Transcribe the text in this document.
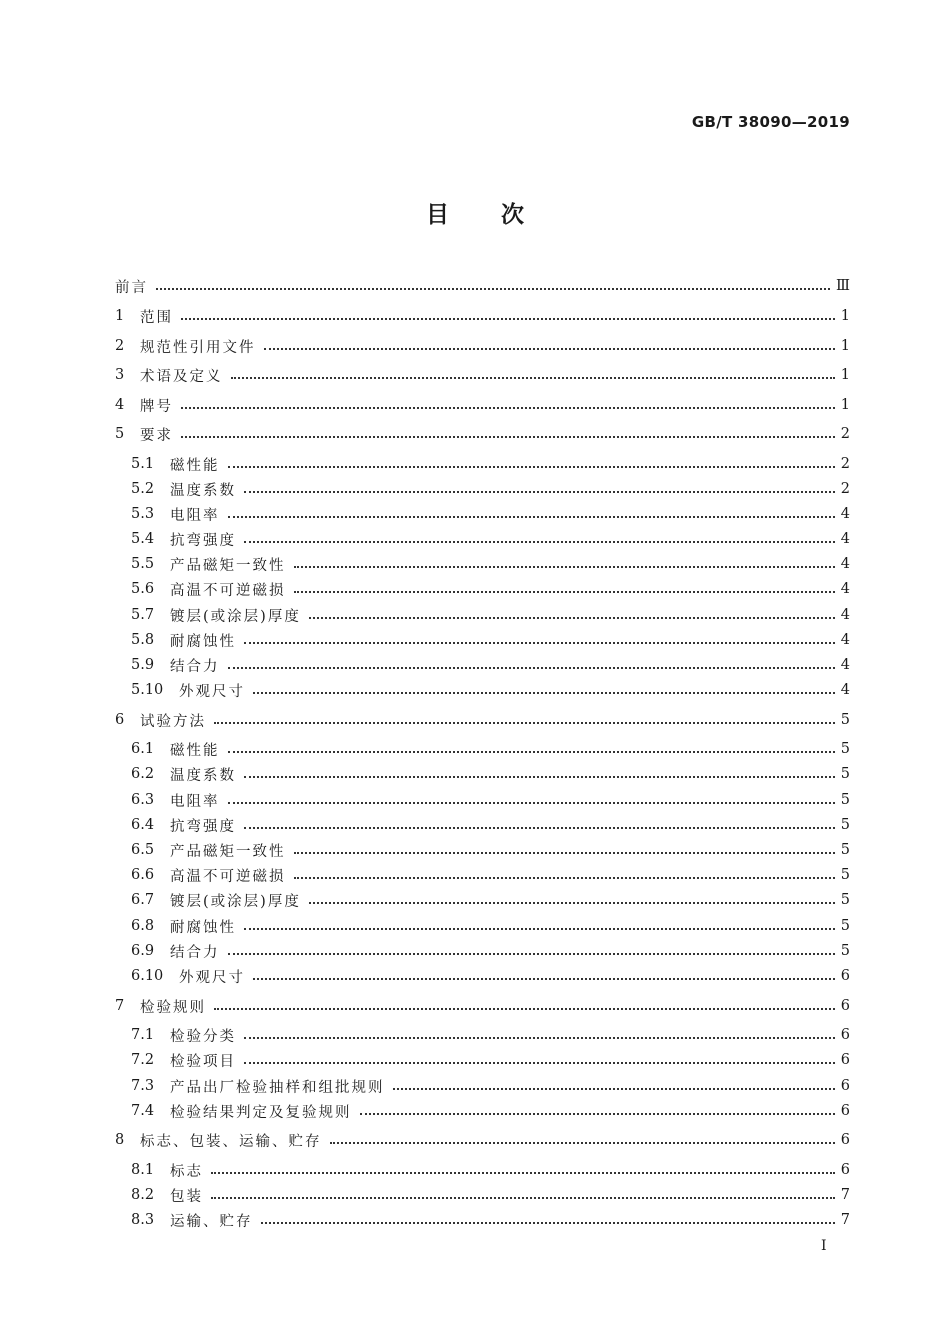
GB/T 38090—2019
目次
前言	Ⅲ
1	范围	1
2	规范性引用文件	1
3	术语及定义	1
4	牌号	1
5	要求	2
5.1	磁性能	2
5.2	温度系数	2
5.3	电阻率	4
5.4	抗弯强度	4
5.5	产品磁矩一致性	4
5.6	高温不可逆磁损	4
5.7	镀层(或涂层)厚度	4
5.8	耐腐蚀性	4
5.9	结合力	4
5.10	外观尺寸	4
6	试验方法	5
6.1	磁性能	5
6.2	温度系数	5
6.3	电阻率	5
6.4	抗弯强度	5
6.5	产品磁矩一致性	5
6.6	高温不可逆磁损	5
6.7	镀层(或涂层)厚度	5
6.8	耐腐蚀性	5
6.9	结合力	5
6.10	外观尺寸	6
7	检验规则	6
7.1	检验分类	6
7.2	检验项目	6
7.3	产品出厂检验抽样和组批规则	6
7.4	检验结果判定及复验规则	6
8	标志、包装、运输、贮存	6
8.1	标志	6
8.2	包装	7
8.3	运输、贮存	7
I
